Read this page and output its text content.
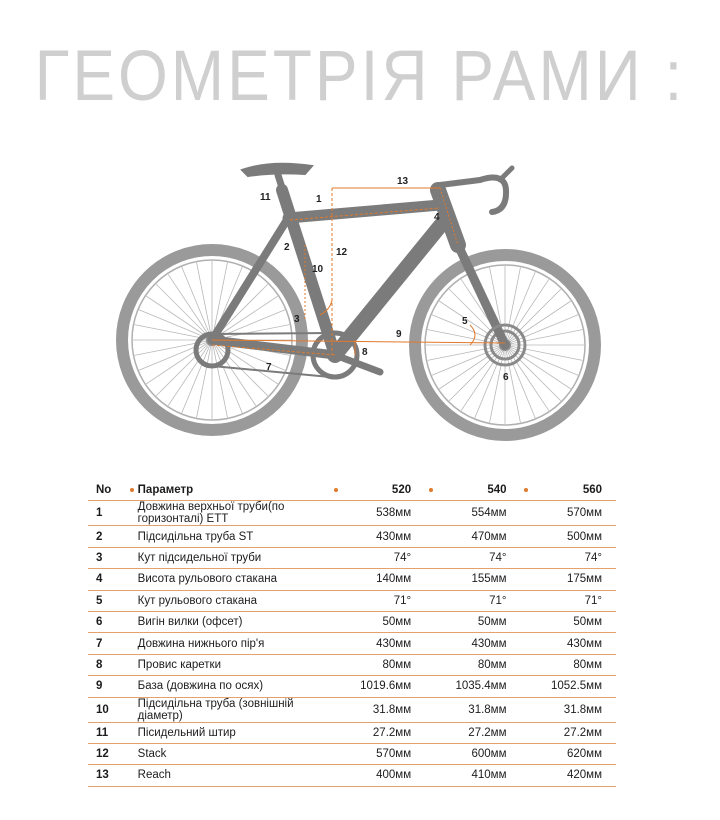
ГЕОМЕТРІЯ РАМИ :
1
2
3
4
5
6
7
8
9
10
11
12
13
No		Параметр		520		540		560
1		Довжина верхньої труби(по горизонталі) ETT		538мм		554мм		570мм
2		Підсидільна труба ST		430мм		470мм		500мм
3		Кут підсидельної труби		74°		74°		74°
4		Висота рульового стакана		140мм		155мм		175мм
5		Кут рульового стакана		71°		71°		71°
6		Вигін вилки (офсет)		50мм		50мм		50мм
7		Довжина нижнього пір'я		430мм		430мм		430мм
8		Провис каретки		80мм		80мм		80мм
9		База (довжина по осях)		1019.6мм		1035.4мм		1052.5мм
10		Підсидільна труба (зовнішній діаметр)		31.8мм		31.8мм		31.8мм
11		Пісидельний штир		27.2мм		27.2мм		27.2мм
12		Stack		570мм		600мм		620мм
13		Reach		400мм		410мм		420мм
